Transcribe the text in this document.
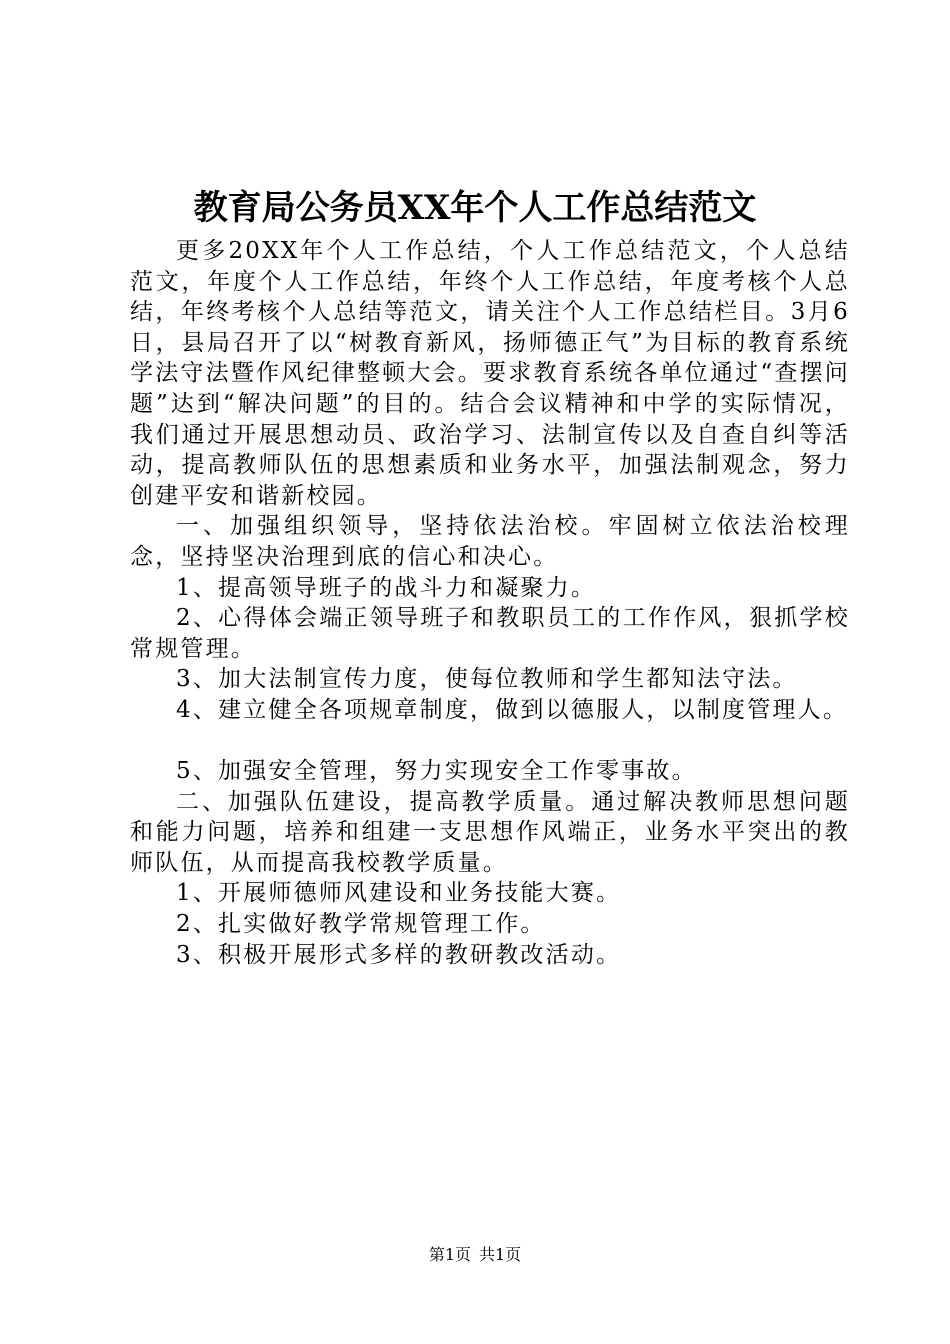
教育局公务员XX年个人工作总结范文

更多20XX年个人工作总结，个人工作总结范文，个人总结范文，年度个人工作总结，年终个人工作总结，年度考核个人总结，年终考核个人总结等范文，请关注个人工作总结栏目。3月6日，县局召开了以“树教育新风，扬师德正气”为目标的教育系统学法守法暨作风纪律整顿大会。要求教育系统各单位通过“查摆问题”达到“解决问题”的目的。结合会议精神和中学的实际情况，我们通过开展思想动员、政治学习、法制宣传以及自查自纠等活动，提高教师队伍的思想素质和业务水平，加强法制观念，努力创建平安和谐新校园。

一、加强组织领导，坚持依法治校。牢固树立依法治校理念，坚持坚决治理到底的信心和决心。

1、提高领导班子的战斗力和凝聚力。

2、心得体会端正领导班子和教职员工的工作作风，狠抓学校常规管理。

3、加大法制宣传力度，使每位教师和学生都知法守法。

4、建立健全各项规章制度，做到以德服人，以制度管理人。

5、加强安全管理，努力实现安全工作零事故。

二、加强队伍建设，提高教学质量。通过解决教师思想问题和能力问题，培养和组建一支思想作风端正，业务水平突出的教师队伍，从而提高我校教学质量。

1、开展师德师风建设和业务技能大赛。

2、扎实做好教学常规管理工作。

3、积极开展形式多样的教研教改活动。

第1页 共1页
